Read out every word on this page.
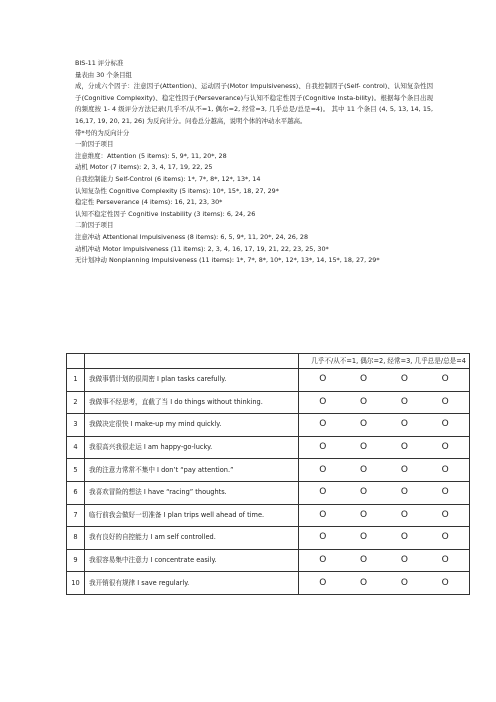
BIS-11 评分标准

量表由 30 个条目组

成，分成六个因子：注意因子(Attention)、运动因子(Motor Impulsiveness)、自我控制因子(Self- control)、认知复杂性因子(Cognitive Complexity)、稳定性因子(Perseverance)与认知不稳定性因子(Cognitive Insta-bility)。根据每个条目出现的频度按 1- 4 级评分方法记录(几乎不/从不=1, 偶尔=2, 经常=3, 几乎总是/总是=4)。 其中 11 个条目 (4, 5, 13, 14, 15, 16,17, 19, 20, 21, 26) 为反向计分。问卷总分越高，说明个体的冲动水平越高。

带*号的为反向计分

一阶因子项目

注意维度：Attention (5 items): 5, 9*, 11, 20*, 28

动机 Motor (7 items): 2, 3, 4, 17, 19, 22, 25

自我控制能力 Self-Control (6 items): 1*, 7*, 8*, 12*, 13*, 14

认知复杂性 Cognitive Complexity (5 items): 10*, 15*, 18, 27, 29*

稳定性 Perseverance (4 items): 16, 21, 23, 30*

认知不稳定性因子 Cognitive Instability (3 items): 6, 24, 26

二阶因子项目

注意冲动 Attentional Impulsiveness (8 items): 6, 5, 9*, 11, 20*, 24, 26, 28

动机冲动 Motor Impulsiveness (11 items): 2, 3, 4, 16, 17, 19, 21, 22, 23, 25, 30*

无计划冲动 Nonplanning Impulsiveness (11 items): 1*, 7*, 8*, 10*, 12*, 13*, 14, 15*, 18, 27, 29*

		几乎不/从不=1, 偶尔=2, 经常=3, 几乎总是/总是=4
1	我做事情计划的很周密 I plan tasks carefully.	O O O O
2	我做事不经思考，直截了当 I do things without thinking.	O O O O
3	我做决定很快 I make-up my mind quickly.	O O O O
4	我很高兴我很走运 I am happy-go-lucky.	O O O O
5	我的注意力常常不集中 I don’t “pay attention.”	O O O O
6	我喜欢冒险的想法 I have “racing” thoughts.	O O O O
7	临行前我会做好一切准备 I plan trips well ahead of time.	O O O O
8	我有良好的自控能力 I am self controlled.	O O O O
9	我很容易集中注意力 I concentrate easily.	O O O O
10	我开销很有规律 I save regularly.	O O O O
